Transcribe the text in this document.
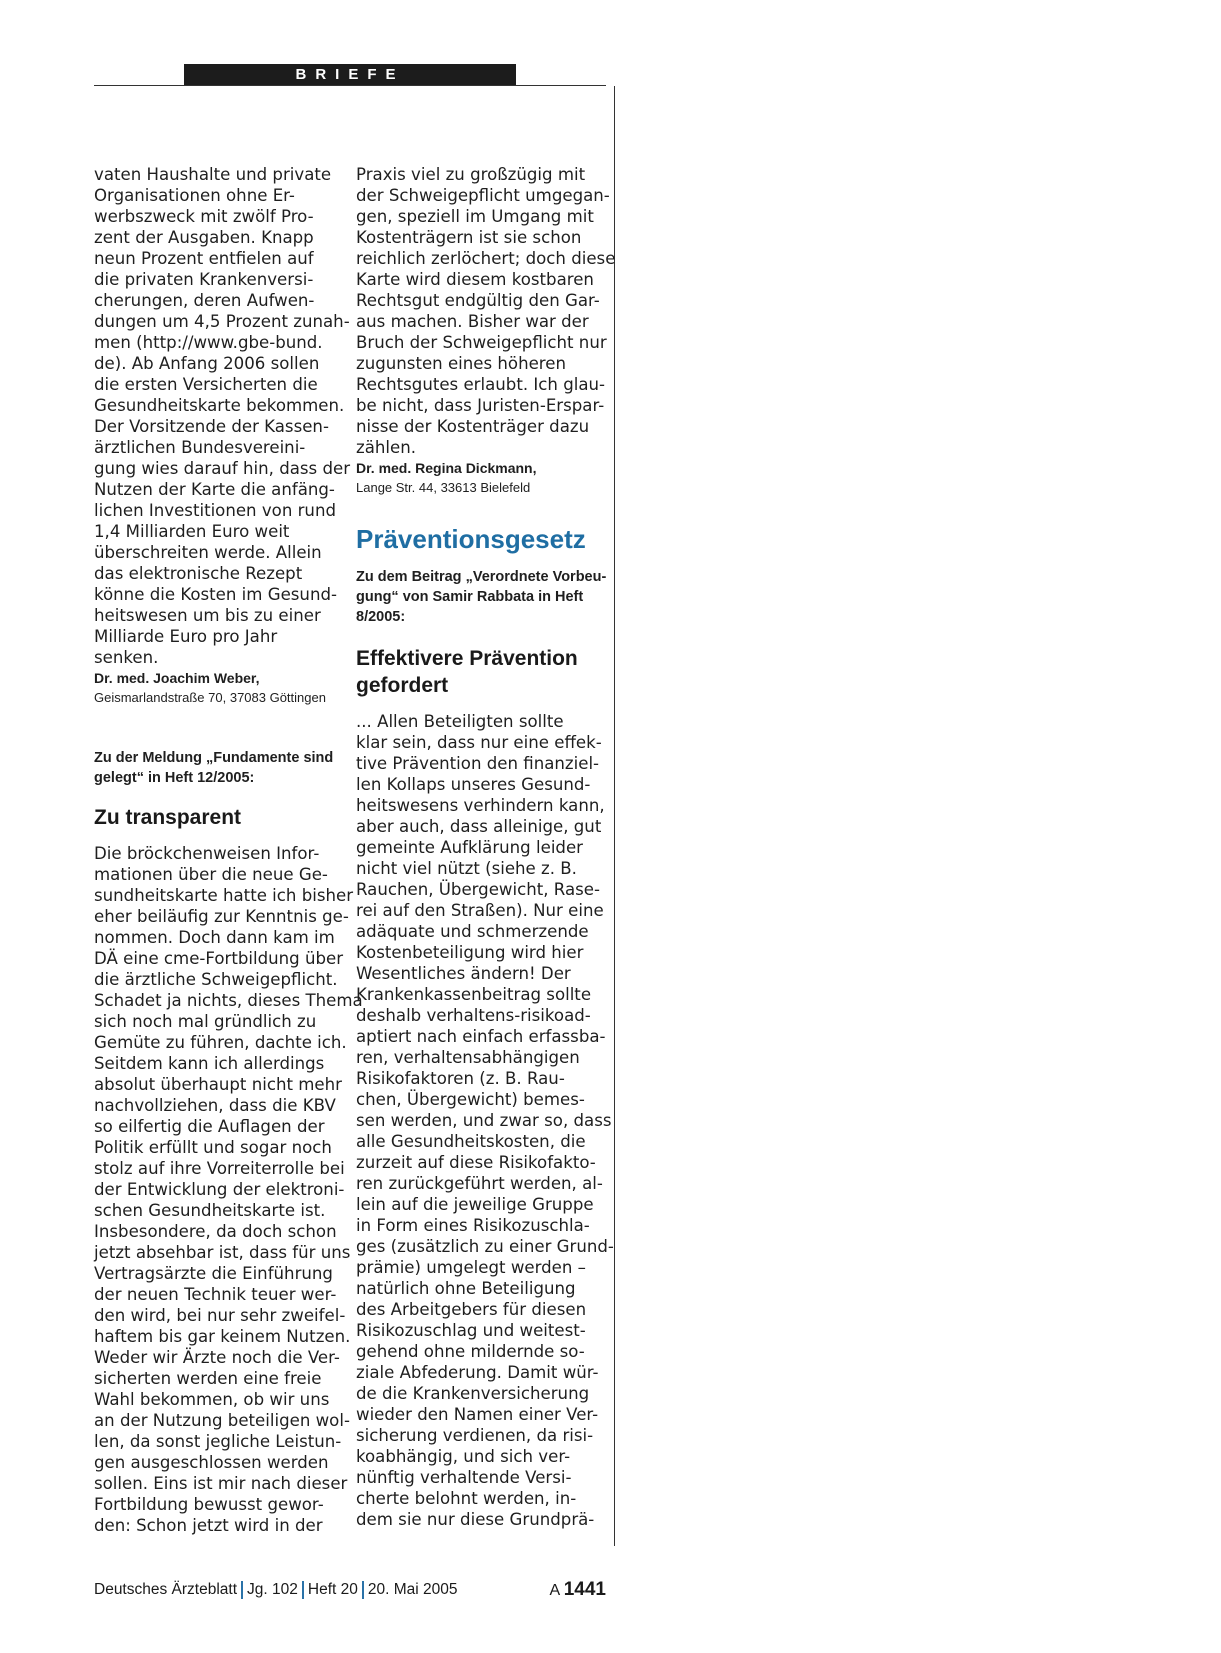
BRIEFE
vaten Haushalte und private
Organisationen ohne Er-
werbszweck mit zwölf Pro-
zent der Ausgaben. Knapp
neun Prozent entfielen auf
die privaten Krankenversi-
cherungen, deren Aufwen-
dungen um 4,5 Prozent zunah-
men (http://www.gbe-bund.
de). Ab Anfang 2006 sollen
die ersten Versicherten die
Gesundheitskarte bekommen.
Der Vorsitzende der Kassen-
ärztlichen Bundesvereini-
gung wies darauf hin, dass der
Nutzen der Karte die anfäng-
lichen Investitionen von rund
1,4 Milliarden Euro weit
überschreiten werde. Allein
das elektronische Rezept
könne die Kosten im Gesund-
heitswesen um bis zu einer
Milliarde Euro pro Jahr
senken.
Dr. med. Joachim Weber,
Geismarlandstraße 70, 37083 Göttingen
Zu der Meldung „Fundamente sind
gelegt“ in Heft 12/2005:
Zu transparent
Die bröckchenweisen Infor-
mationen über die neue Ge-
sundheitskarte hatte ich bisher
eher beiläufig zur Kenntnis ge-
nommen. Doch dann kam im
DÄ eine cme-Fortbildung über
die ärztliche Schweigepflicht.
Schadet ja nichts, dieses Thema
sich noch mal gründlich zu
Gemüte zu führen, dachte ich.
Seitdem kann ich allerdings
absolut überhaupt nicht mehr
nachvollziehen, dass die KBV
so eilfertig die Auflagen der
Politik erfüllt und sogar noch
stolz auf ihre Vorreiterrolle bei
der Entwicklung der elektroni-
schen Gesundheitskarte ist.
Insbesondere, da doch schon
jetzt absehbar ist, dass für uns
Vertragsärzte die Einführung
der neuen Technik teuer wer-
den wird, bei nur sehr zweifel-
haftem bis gar keinem Nutzen.
Weder wir Ärzte noch die Ver-
sicherten werden eine freie
Wahl bekommen, ob wir uns
an der Nutzung beteiligen wol-
len, da sonst jegliche Leistun-
gen ausgeschlossen werden
sollen. Eins ist mir nach dieser
Fortbildung bewusst gewor-
den: Schon jetzt wird in der
Praxis viel zu großzügig mit
der Schweigepflicht umgegan-
gen, speziell im Umgang mit
Kostenträgern ist sie schon
reichlich zerlöchert; doch diese
Karte wird diesem kostbaren
Rechtsgut endgültig den Gar-
aus machen. Bisher war der
Bruch der Schweigepflicht nur
zugunsten eines höheren
Rechtsgutes erlaubt. Ich glau-
be nicht, dass Juristen-Erspar-
nisse der Kostenträger dazu
zählen.
Dr. med. Regina Dickmann,
Lange Str. 44, 33613 Bielefeld
Präventionsgesetz
Zu dem Beitrag „Verordnete Vorbeu-
gung“ von Samir Rabbata in Heft
8/2005:
Effektivere Prävention
gefordert
... Allen Beteiligten sollte
klar sein, dass nur eine effek-
tive Prävention den finanziel-
len Kollaps unseres Gesund-
heitswesens verhindern kann,
aber auch, dass alleinige, gut
gemeinte Aufklärung leider
nicht viel nützt (siehe z. B.
Rauchen, Übergewicht, Rase-
rei auf den Straßen). Nur eine
adäquate und schmerzende
Kostenbeteiligung wird hier
Wesentliches ändern! Der
Krankenkassenbeitrag sollte
deshalb verhaltens-risikoad-
aptiert nach einfach erfassba-
ren, verhaltensabhängigen
Risikofaktoren (z. B. Rau-
chen, Übergewicht) bemes-
sen werden, und zwar so, dass
alle Gesundheitskosten, die
zurzeit auf diese Risikofakto-
ren zurückgeführt werden, al-
lein auf die jeweilige Gruppe
in Form eines Risikozuschla-
ges (zusätzlich zu einer Grund-
prämie) umgelegt werden –
natürlich ohne Beteiligung
des Arbeitgebers für diesen
Risikozuschlag und weitest-
gehend ohne mildernde so-
ziale Abfederung. Damit wür-
de die Krankenversicherung
wieder den Namen einer Ver-
sicherung verdienen, da risi-
koabhängig, und sich ver-
nünftig verhaltende Versi-
cherte belohnt werden, in-
dem sie nur diese Grundprä-
Deutsches Ärzteblatt Jg. 102 Heft 20 20. Mai 2005	A 1441
